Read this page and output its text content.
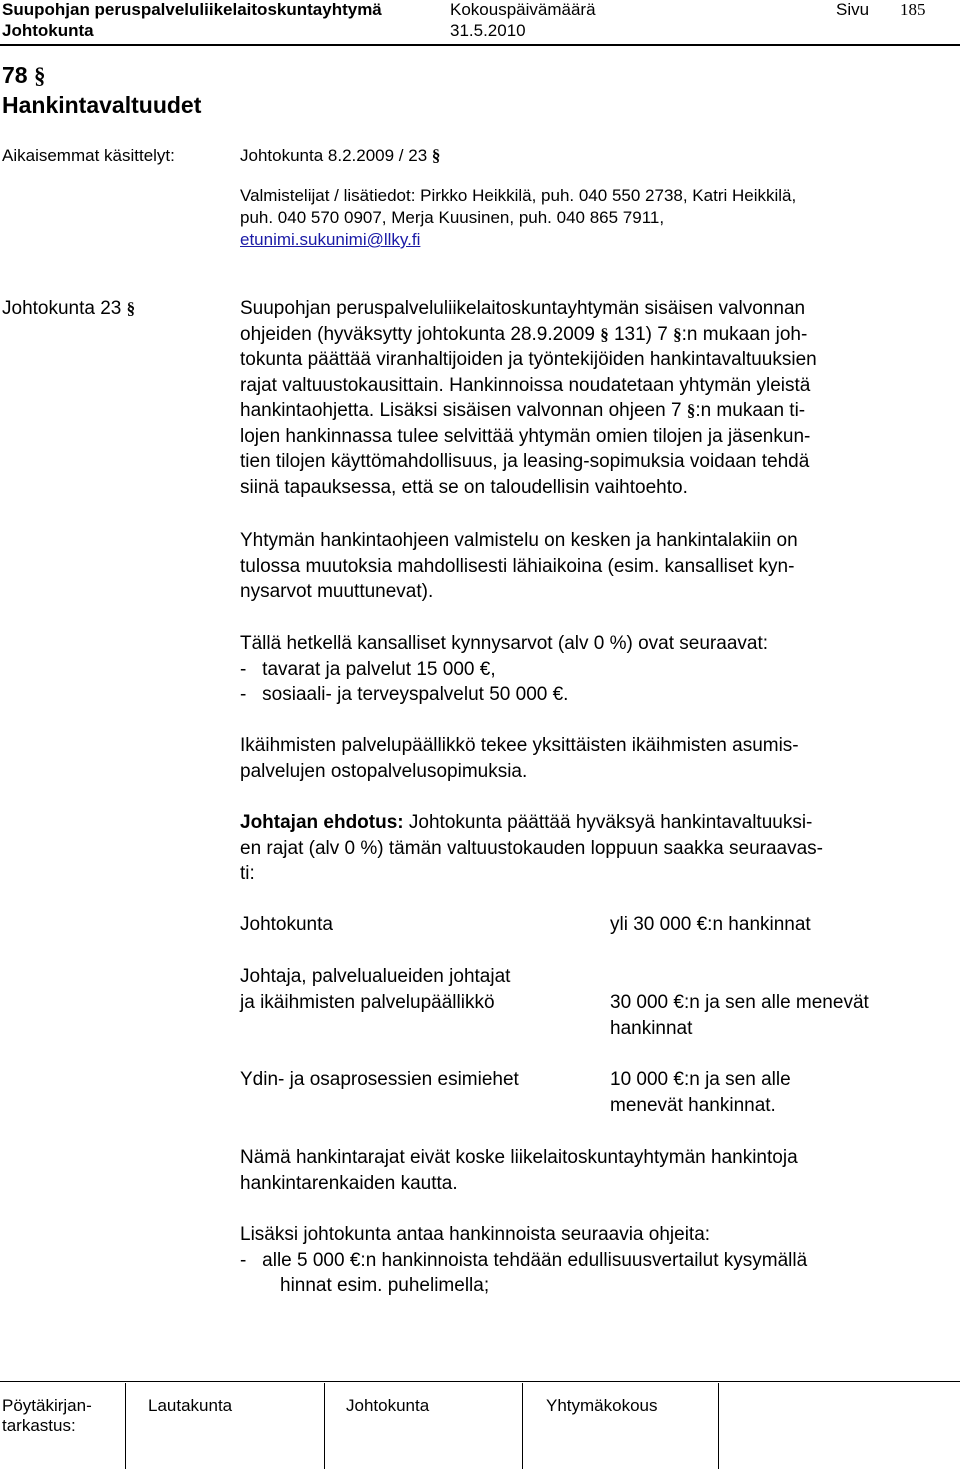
Suupohjan peruspalveluliikelaitoskuntayhtymä	Kokouspäivämäärä	Sivu 185
Johtokunta	31.5.2010
78 §
Hankintavaltuudet
Aikaisemmat käsittelyt:	Johtokunta 8.2.2009 / 23 §
Valmistelijat / lisätiedot: Pirkko Heikkilä, puh. 040 550 2738, Katri Heikkilä,
puh. 040 570 0907, Merja Kuusinen, puh. 040 865 7911,
etunimi.sukunimi@llky.fi
Johtokunta 23 §	Suupohjan peruspalveluliikelaitoskuntayhtymän sisäisen valvonnan
ohjeiden (hyväksytty johtokunta 28.9.2009 § 131) 7 §:n mukaan joh-
tokunta päättää viranhaltijoiden ja työntekijöiden hankintavaltuuksien
rajat valtuustokausittain. Hankinnoissa noudatetaan yhtymän yleistä
hankintaohjetta. Lisäksi sisäisen valvonnan ohjeen 7 §:n mukaan ti-
lojen hankinnassa tulee selvittää yhtymän omien tilojen ja jäsenkun-
tien tilojen käyttömahdollisuus, ja leasing-sopimuksia voidaan tehdä
siinä tapauksessa, että se on taloudellisin vaihtoehto.
Yhtymän hankintaohjeen valmistelu on kesken ja hankintalakiin on
tulossa muutoksia mahdollisesti lähiaikoina (esim. kansalliset kyn-
nysarvot muuttunevat).
Tällä hetkellä kansalliset kynnysarvot (alv 0 %) ovat seuraavat:
-   tavarat ja palvelut 15 000 €,
-   sosiaali- ja terveyspalvelut 50 000 €.
Ikäihmisten palvelupäällikkö tekee yksittäisten ikäihmisten asumis-
palvelujen ostopalvelusopimuksia.
Johtajan ehdotus: Johtokunta päättää hyväksyä hankintavaltuuksi-
en rajat (alv 0 %) tämän valtuustokauden loppuun saakka seuraavas-
ti:
Johtokunta	yli 30 000 €:n hankinnat
Johtaja, palvelualueiden johtajat
ja ikäihmisten palvelupäällikkö	30 000 €:n ja sen alle menevät
hankinnat
Ydin- ja osaprosessien esimiehet	10 000 €:n ja sen alle
menevät hankinnat.
Nämä hankintarajat eivät koske liikelaitoskuntayhtymän hankintoja
hankintarenkaiden kautta.
Lisäksi johtokunta antaa hankinnoista seuraavia ohjeita:
-   alle 5 000 €:n hankinnoista tehdään edullisuusvertailut kysymällä
hinnat esim. puhelimella;
Pöytäkirjan-
tarkastus:
Lautakunta	Johtokunta	Yhtymäkokous
